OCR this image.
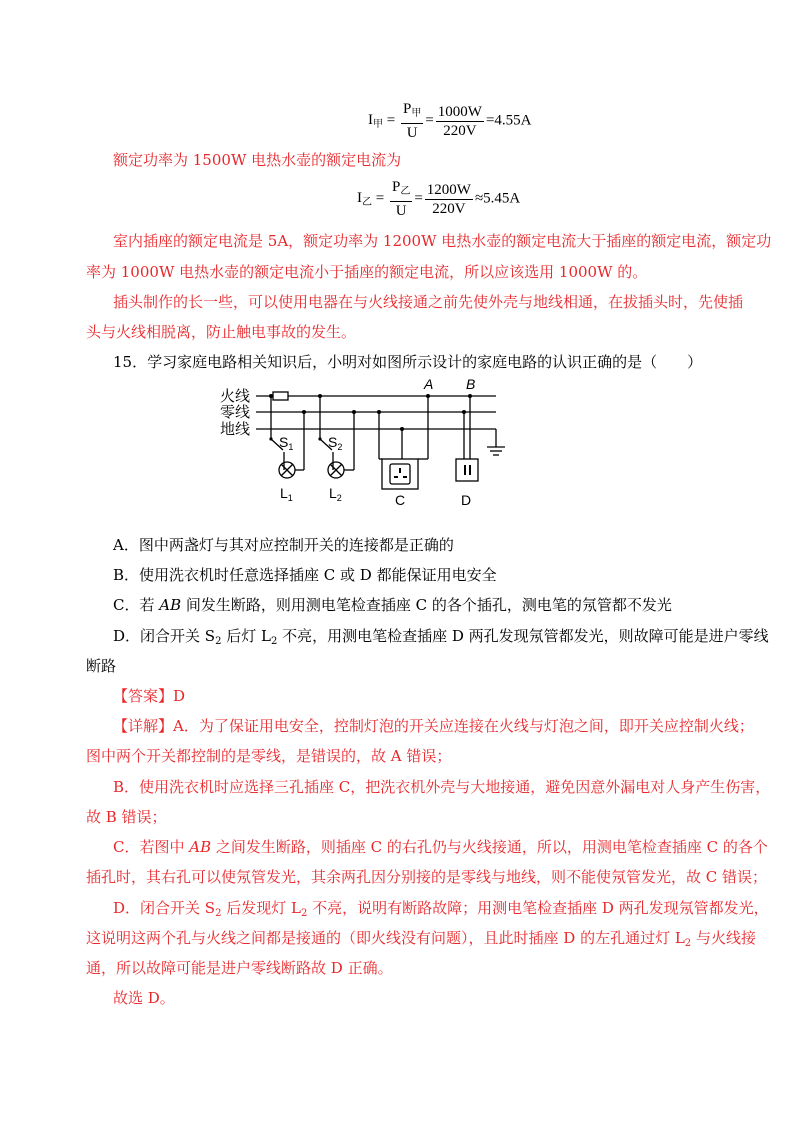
$I_甲 = \frac{P_甲}{U} = \frac{1000W}{220V} =4.55A$
额定功率为 1500W 电热水壶的额定电流为
$I_乙 = \frac{P_乙}{U} = \frac{1200W}{220V} \approx 5.45A$
室内插座的额定电流是 5A，额定功率为 1200W 电热水壶的额定电流大于插座的额定电流，额定功
率为 1000W 电热水壶的额定电流小于插座的额定电流，所以应该选用 1000W 的。
插头制作的长一些，可以使用电器在与火线接通之前先使外壳与地线相通，在拔插头时，先使插
头与火线相脱离，防止触电事故的发生。
15．学习家庭电路相关知识后，小明对如图所示设计的家庭电路的认识正确的是（　　）
火线
零线
地线
A B
$S_1$ $S_2$
$L_1$	$L_2$	C	D
A．图中两盏灯与其对应控制开关的连接都是正确的
B．使用洗衣机时任意选择插座 C 或 D 都能保证用电安全
C．若 AB 间发生断路，则用测电笔检查插座 C 的各个插孔，测电笔的氖管都不发光
D．闭合开关 $S_2$ 后灯 $L_2$ 不亮，用测电笔检查插座 D 两孔发现氖管都发光，则故障可能是进户零线
断路
【答案】D
【详解】A．为了保证用电安全，控制灯泡的开关应连接在火线与灯泡之间，即开关应控制火线；
图中两个开关都控制的是零线，是错误的，故 A 错误；
B．使用洗衣机时应选择三孔插座 C，把洗衣机外壳与大地接通，避免因意外漏电对人身产生伤害，
故 B 错误；
C．若图中 AB 之间发生断路，则插座 C 的右孔仍与火线接通，所以，用测电笔检查插座 C 的各个
插孔时，其右孔可以使氖管发光，其余两孔因分别接的是零线与地线，则不能使氖管发光，故 C 错误；
D．闭合开关 $S_2$ 后发现灯 $L_2$ 不亮，说明有断路故障；用测电笔检查插座 D 两孔发现氖管都发光，
这说明这两个孔与火线之间都是接通的（即火线没有问题），且此时插座 D 的左孔通过灯 $L_2$ 与火线接
通，所以故障可能是进户零线断路故 D 正确。
故选 D。
